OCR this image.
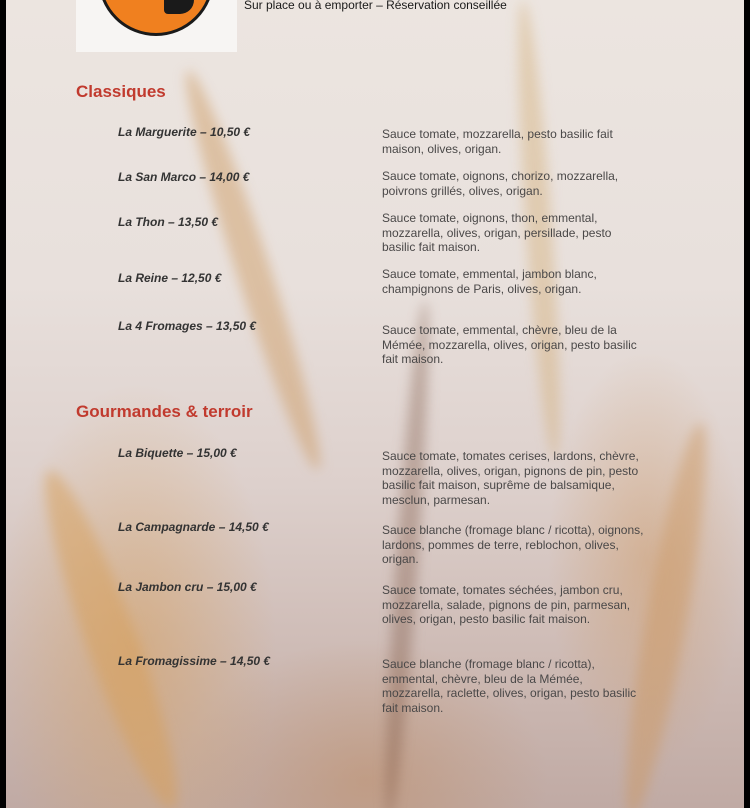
Sur place ou à emporter – Réservation conseillée
Classiques
La Marguerite – 10,50 €	Sauce tomate, mozzarella, pesto basilic fait maison, olives, origan.

La San Marco – 14,00 €	Sauce tomate, oignons, chorizo, mozzarella, poivrons grillés, olives, origan.

La Thon – 13,50 €	Sauce tomate, oignons, thon, emmental, mozzarella, olives, origan, persillade, pesto basilic fait maison.

La Reine – 12,50 €	Sauce tomate, emmental, jambon blanc, champignons de Paris, olives, origan.

La 4 Fromages – 13,50 €	Sauce tomate, emmental, chèvre, bleu de la Mémée, mozzarella, olives, origan, pesto basilic fait maison.

Gourmandes & terroir
La Biquette – 15,00 €	Sauce tomate, tomates cerises, lardons, chèvre, mozzarella, olives, origan, pignons de pin, pesto basilic fait maison, suprême de balsamique, mesclun, parmesan.

La Campagnarde – 14,50 €	Sauce blanche (fromage blanc / ricotta), oignons, lardons, pommes de terre, reblochon, olives, origan.

La Jambon cru – 15,00 €	Sauce tomate, tomates séchées, jambon cru, mozzarella, salade, pignons de pin, parmesan, olives, origan, pesto basilic fait maison.

La Fromagissime – 14,50 €	Sauce blanche (fromage blanc / ricotta), emmental, chèvre, bleu de la Mémée, mozzarella, raclette, olives, origan, pesto basilic fait maison.
